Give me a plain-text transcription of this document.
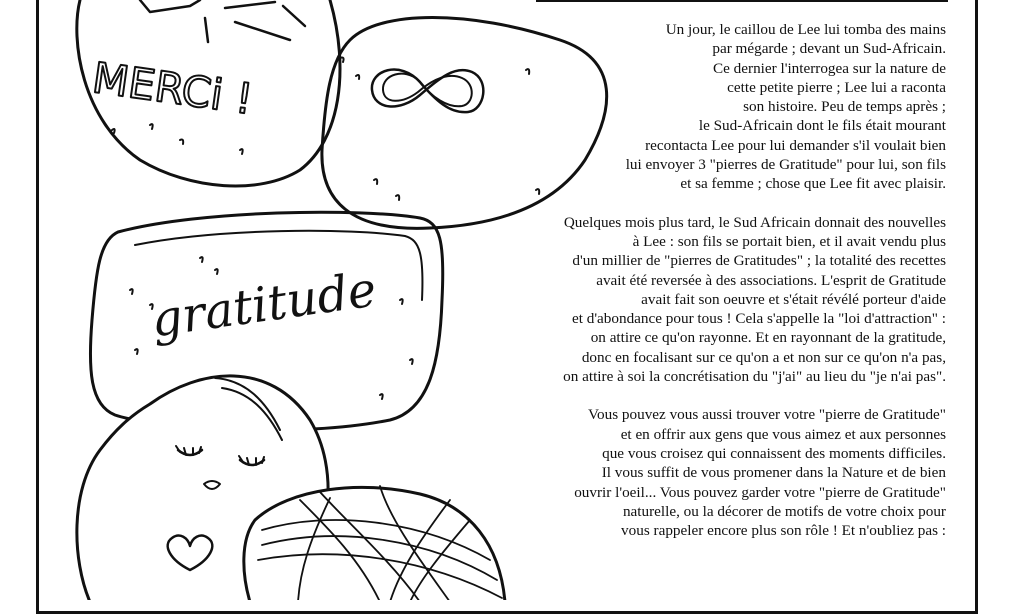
MERCi !
gratitude

Un jour, le caillou de Lee lui tomba des mains
par mégarde ; devant un Sud-Africain.
Ce dernier l'interrogea sur la nature de
cette petite pierre ; Lee lui a raconta
son histoire. Peu de temps après ;
le Sud-Africain dont le fils était mourant
recontacta Lee pour lui demander s'il voulait bien
lui envoyer 3 "pierres de Gratitude" pour lui, son fils
et sa femme ; chose que Lee fit avec plaisir.

Quelques mois plus tard, le Sud Africain donnait des nouvelles
à Lee : son fils se portait bien, et il avait vendu plus
d'un millier de "pierres de Gratitudes" ; la totalité des recettes
avait été reversée à des associations. L'esprit de Gratitude
avait fait son oeuvre et s'était révélé porteur d'aide
et d'abondance pour tous ! Cela s'appelle la "loi d'attraction" :
on attire ce qu'on rayonne. Et en rayonnant de la gratitude,
donc en focalisant sur ce qu'on a et non sur ce qu'on n'a pas,
on attire à soi la concrétisation du "j'ai" au lieu du "je n'ai pas".

Vous pouvez vous aussi trouver votre "pierre de Gratitude"
et en offrir aux gens que vous aimez et aux personnes
que vous croisez qui connaissent des moments difficiles.
Il vous suffit de vous promener dans la Nature et de bien
ouvrir l'oeil... Vous pouvez garder votre "pierre de Gratitude"
naturelle, ou la décorer de motifs de votre choix pour
vous rappeler encore plus son rôle ! Et n'oubliez pas :
